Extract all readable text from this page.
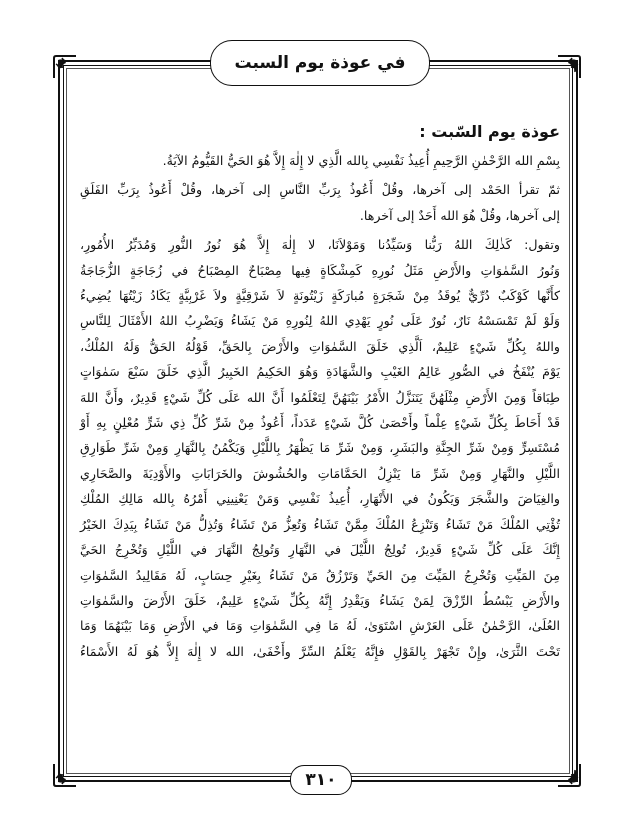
في عوذة يوم السبت
عوذة يوم السّبت :

بِسْمِ الله الرَّحْمٰنِ الرَّحِيمِ أُعِيذُ نَفْسِي بِالله الَّذِي لا إِلٰهَ إِلاَّ هُوَ الحَيُّ القَيُّومُ الآيَةُ.

ثمّ تقرأ الحَمْد إلى آخرها، وقُلْ أَعُوذُ بِرَبِّ النَّاسِ إلى آخرها، وقُلْ أَعُوذُ بِرَبِّ الفَلَقِ
إلى آخرها، وقُلْ هُوَ الله أَحَدٌ إلى آخرها.

وتقول: كَذٰلِكَ اللهُ رَبُّنا وَسَيِّدُنا وَمَوْلاَنَا، لا إِلٰهَ إِلاَّ هُوَ نُورُ النُّورِ وَمُدَبِّرُ الأُمُورِ،
وَنُورُ السَّمٰوَاتِ والأَرْضِ مَثَلُ نُورِهِ كَمِشْكَاةٍ فِيها مِصْبَاحٌ المِصْبَاحُ في زُجَاجَةٍ الزُّجَاجَةُ
كأَنَّها كَوْكَبٌ دُرِّيٌّ يُوقَدُ مِنْ شَجَرَةٍ مُبارَكَةٍ زَيْتُونَةٍ لاَ شَرْقِيَّةٍ ولاَ غَرْبِيَّةٍ يَكَادُ زَيْتُهَا يُضِيءُ
وَلَوْ لَمْ تَمْسَسْهُ نَارٌ، نُورٌ عَلَى نُورٍ يَهْدِي اللهُ لِنُورِهِ مَنْ يَشَاءُ وَيَضْرِبُ اللهُ الأَمْثَالَ لِلنَّاسِ
واللهُ بِكُلِّ شَيْءٍ عَلِيمٌ، اَلَّذِي خَلَقَ السَّمٰوَاتِ والأَرْضَ بِالحَقِّ، قَوْلُهُ الحَقُّ وَلَهُ المُلْكُ،
يَوْمَ يُنْفَخُ في الصُّورِ عَالِمُ الغَيْبِ والشَّهَادَةِ وَهُوَ الحَكِيمُ الخَبِيرُ الَّذِي خَلَقَ سَبْعَ سَمٰوَاتٍ
طِبَاقاً وَمِنَ الأَرْضِ مِثْلَهُنَّ يَتَنَزَّلُ الأَمْرُ بَيْنَهُنَّ لِتَعْلَمُوا أَنَّ الله عَلَى كُلِّ شَيْءٍ قَدِيرٌ، وأَنَّ اللهَ
قَدْ أَحَاطَ بِكُلِّ شَيْءٍ عِلْماً وأَحْصَىٰ كُلَّ شَيْءٍ عَدَداً، أَعُوذُ مِنْ شَرِّ كُلِّ ذِي شَرٍّ مُعْلِنٍ بِهِ أَوْ
مُسْتَسِرٍّ وَمِنْ شَرِّ الجِنَّةِ والبَشَرِ، وَمِنْ شَرِّ مَا يَظْهَرُ بِاللَّيْلِ وَيَكْمُنُ بِالنَّهَارِ وَمِنْ شَرِّ طَوَارِقِ
اللَّيْلِ والنَّهَارِ وَمِنْ شَرِّ مَا يَنْزِلُ الحَمَّامَاتِ والحُشُوشَ والخَرَابَاتِ والأَوْدِيَةَ والصَّحَارِي
والغِيَاضَ والشَّجَرَ وَيَكُونُ في الأَنْهَارِ، أُعِيذُ نَفْسِي وَمَنْ يَعْنِينِي أَمْرُهُ بِالله مَالِكِ المُلْكِ
تُؤْتِي المُلْكَ مَنْ تَشَاءُ وَتَنْزِعُ المُلْكَ مِمَّنْ تَشَاءُ وَتُعِزُّ مَنْ تَشَاءُ وَتُذِلُّ مَنْ تَشَاءُ بِيَدِكَ الخَيْرُ
إِنَّكَ عَلَى كُلِّ شَيْءٍ قَدِيرٌ، تُولِجُ اللَّيْلَ في النَّهَارِ وَتُولِجُ النَّهَارَ في اللَّيْلِ وَتُخْرِجُ الحَيَّ
مِنَ المَيِّتِ وَتُخْرِجُ المَيِّتَ مِنَ الحَيِّ وَتَرْزُقُ مَنْ تَشَاءُ بِغَيْرِ حِسَابٍ، لَهُ مَقَالِيدُ السَّمٰوَاتِ
والأَرْضِ يَبْسُطُ الرِّزْقَ لِمَنْ يَشَاءُ وَيَقْدِرُ إِنَّهُ بِكُلِّ شَيْءٍ عَلِيمٌ، خَلَقَ الأَرْضَ والسَّمٰوَاتِ
العُلَىٰ، الرَّحْمٰنُ عَلَى العَرْشِ اسْتَوَىٰ، لَهُ مَا فِي السَّمٰوَاتِ وَمَا في الأَرْضِ وَمَا بَيْنَهُمَا وَمَا
تَحْتَ الثَّرَىٰ، وإِنْ تَجْهَرْ بِالقَوْلِ فإِنَّهُ يَعْلَمُ السِّرَّ وأَخْفَىٰ، الله لا إِلٰهَ إِلاَّ هُوَ لَهُ الأَسْمَاءُ

٣١٠
